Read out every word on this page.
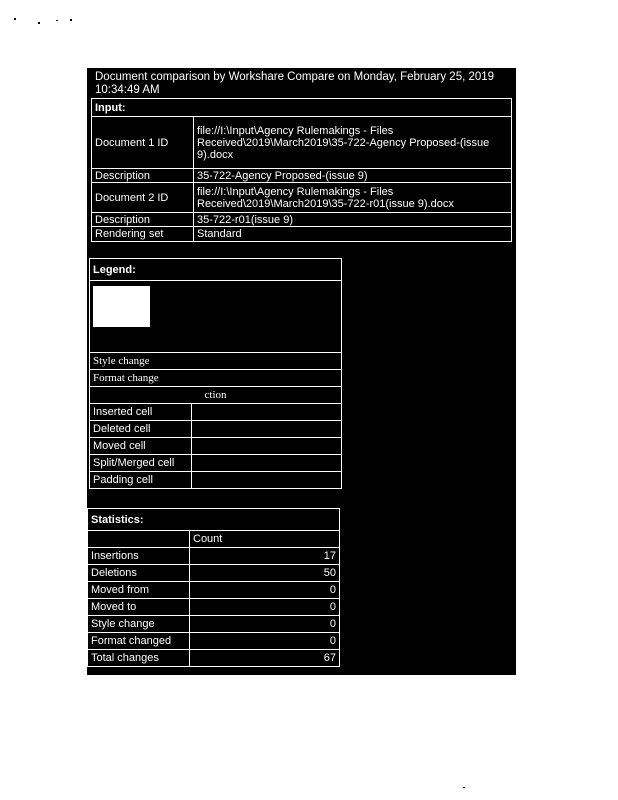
Document comparison by Workshare Compare on Monday, February 25, 2019 10:34:49 AM
Input:	
Document 1 ID	file://I:\Input\Agency Rulemakings - Files Received\2019\March2019\35-722-Agency Proposed-(issue 9).docx
Description	35-722-Agency Proposed-(issue 9)
Document 2 ID	file://I:\Input\Agency Rulemakings - Files Received\2019\March2019\35-722-r01(issue 9).docx
Description	35-722-r01(issue 9)
Rendering set	Standard
Legend:	

Style change	
Format change	
ction	
Inserted cell	
Deleted cell	
Moved cell	
Split/Merged cell	
Padding cell	
Statistics:	
	Count
Insertions	17
Deletions	50
Moved from	0
Moved to	0
Style change	0
Format changed	0
Total changes	67
